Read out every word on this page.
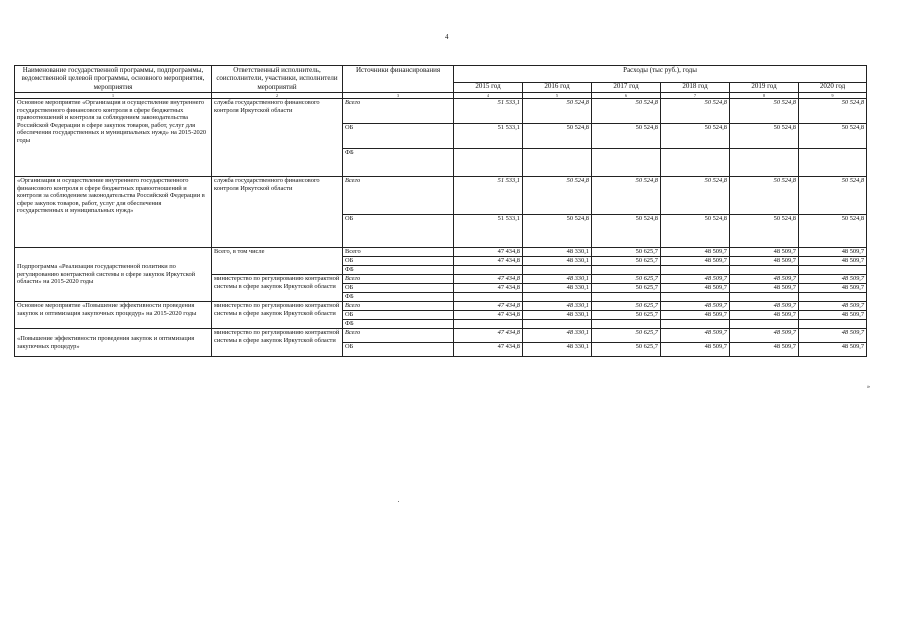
4
Наименование государственной программы, подпрограммы, ведомственной целевой программы, основного мероприятия, мероприятия	Ответственный исполнитель, соисполнители, участники, исполнители мероприятий	Источники финансирования	Расходы (тыс руб.), годы					
			2015 год	2016 год	2017 год	2018 год	2019 год	2020 год
1	2	3	4	5	6	7	8	9
Основное мероприятие «Организация и осуществление внутреннего государственного финансового контроля в сфере бюджетных правоотношений и контроля за соблюдением законодательства Российской Федерации в сфере закупок товаров, работ, услуг для обеспечения государственных и муниципальных нужд» на 2015-2020 годы	служба государственного финансового контроля Иркутской области	Всего	51 533,1	50 524,8	50 524,8	50 524,8	50 524,8	50 524,8
		ОБ	51 533,1	50 524,8	50 524,8	50 524,8	50 524,8	50 524,8
		ФБ						
«Организация и осуществление внутреннего государственного финансового контроля в сфере бюджетных правоотношений и контроля за соблюдением законодательства Российской Федерации в сфере закупок товаров, работ, услуг для обеспечения государственных и муниципальных нужд»	служба государственного финансового контроля Иркутской области	Всего	51 533,1	50 524,8	50 524,8	50 524,8	50 524,8	50 524,8
		ОБ	51 533,1	50 524,8	50 524,8	50 524,8	50 524,8	50 524,8
Подпрограмма «Реализация государственной политики по регулированию контрактной системы в сфере закупок Иркутской области» на 2015-2020 годы	Всего, в том числе	Всего	47 434,8	48 330,1	50 625,7	48 509,7	48 509,7	48 509,7
		ОБ	47 434,8	48 330,1	50 625,7	48 509,7	48 509,7	48 509,7
		ФБ						
	министерство по регулированию контрактной системы в сфере закупок Иркутской области	Всего	47 434,8	48 330,1	50 625,7	48 509,7	48 509,7	48 509,7
		ОБ	47 434,8	48 330,1	50 625,7	48 509,7	48 509,7	48 509,7
		ФБ						
Основное мероприятие «Повышение эффективности проведения закупок и оптимизация закупочных процедур» на 2015-2020 годы	министерство по регулированию контрактной системы в сфере закупок Иркутской области	Всего	47 434,8	48 330,1	50 625,7	48 509,7	48 509,7	48 509,7
		ОБ	47 434,8	48 330,1	50 625,7	48 509,7	48 509,7	48 509,7
		ФБ						
«Повышение эффективности проведения закупок и оптимизация закупочных процедур»	министерство по регулированию контрактной системы в сфере закупок Иркутской области	Всего	47 434,8	48 330,1	50 625,7	48 509,7	48 509,7	48 509,7
		ОБ	47 434,8	48 330,1	50 625,7	48 509,7	48 509,7	48 509,7
»
